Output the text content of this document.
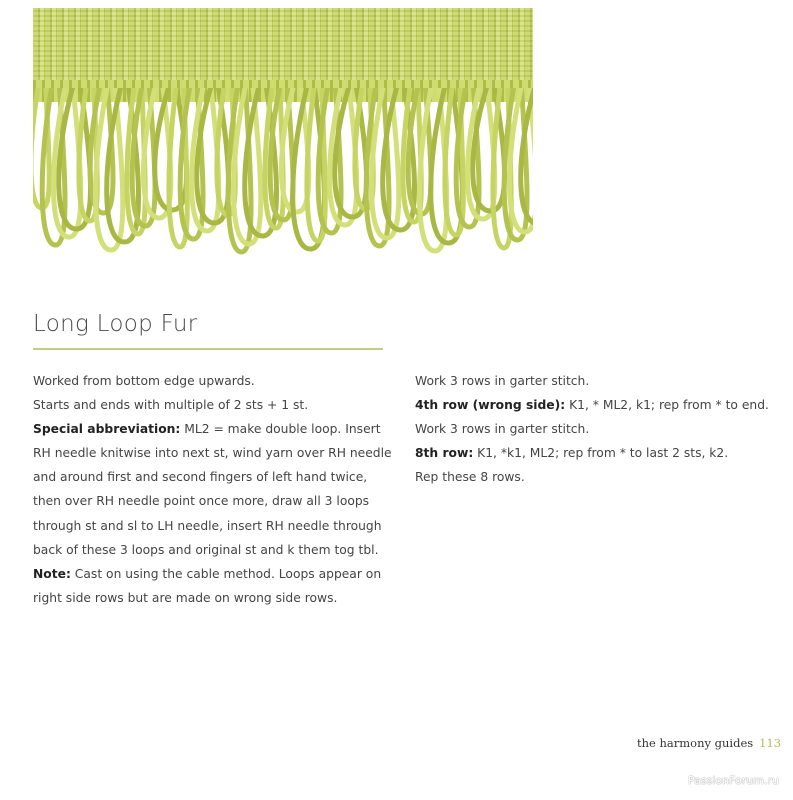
Long Loop Fur

Worked from bottom edge upwards.

Starts and ends with multiple of 2 sts + 1 st.

Special abbreviation: ML2 = make double loop. Insert RH needle knitwise into next st, wind yarn over RH needle and around first and second fingers of left hand twice, then over RH needle point once more, draw all 3 loops through st and sl to LH needle, insert RH needle through back of these 3 loops and original st and k them tog tbl.

Note: Cast on using the cable method. Loops appear on right side rows but are made on wrong side rows.

Work 3 rows in garter stitch.

4th row (wrong side): K1, * ML2, k1; rep from * to end.

Work 3 rows in garter stitch.

8th row: K1, *k1, ML2; rep from * to last 2 sts, k2.

Rep these 8 rows.

the harmony guides 113
PassionForum.ru
